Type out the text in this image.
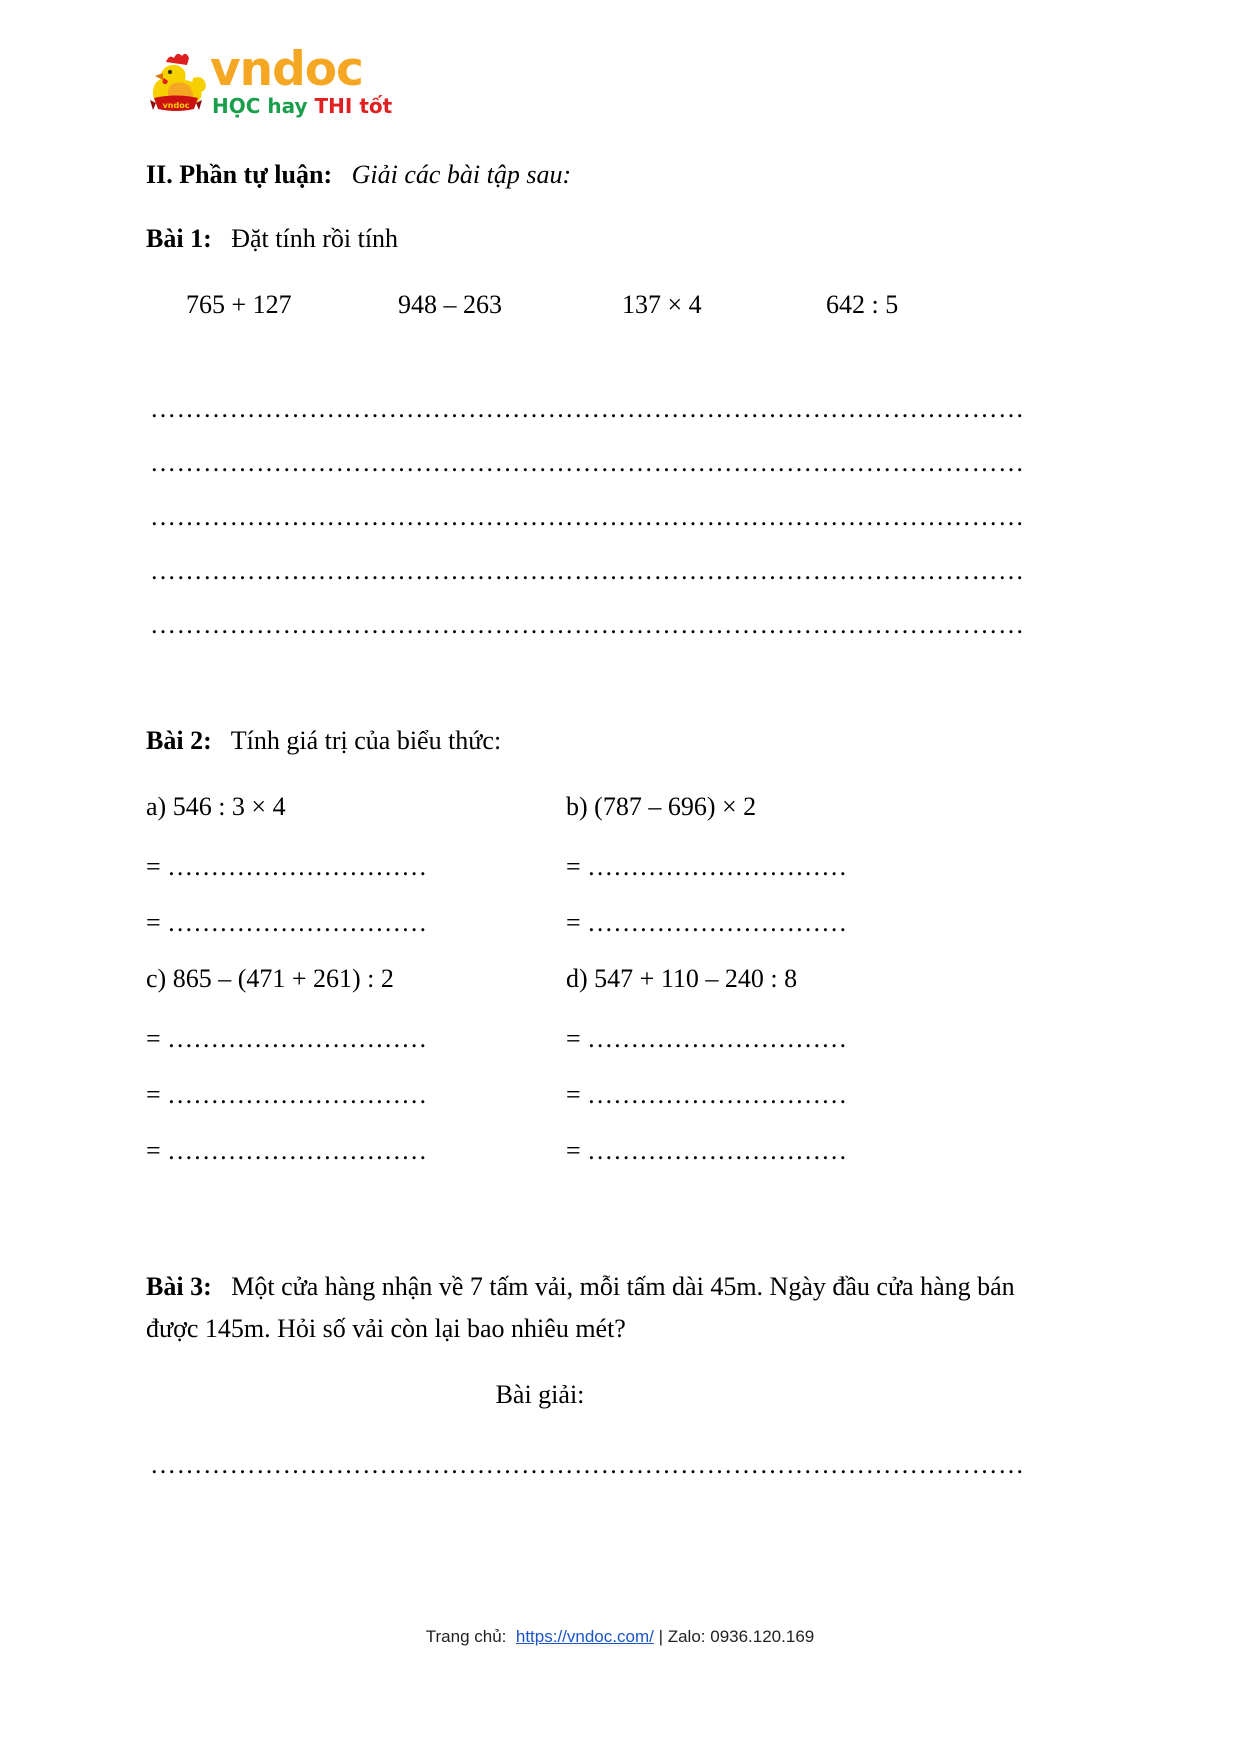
vndoc
vndoc
HỌC hay THI tốt
II. Phần tự luận: Giải các bài tập sau:
Bài 1: Đặt tính rồi tính
765 + 127	948 – 263	137 × 4	642 : 5
………………………………………………………………………………………
………………………………………………………………………………………
………………………………………………………………………………………
………………………………………………………………………………………
………………………………………………………………………………………
Bài 2: Tính giá trị của biểu thức:
a) 546 : 3 × 4	b) (787 – 696) × 2
= …………………………	= …………………………
= …………………………	= …………………………
c) 865 – (471 + 261) : 2	d) 547 + 110 – 240 : 8
= …………………………	= …………………………
= …………………………	= …………………………
= …………………………	= …………………………
Bài 3: Một cửa hàng nhận về 7 tấm vải, mỗi tấm dài 45m. Ngày đầu cửa hàng bán được 145m. Hỏi số vải còn lại bao nhiêu mét?
Bài giải:
………………………………………………………………………………………
Trang chủ: https://vndoc.com/ | Zalo: 0936.120.169
